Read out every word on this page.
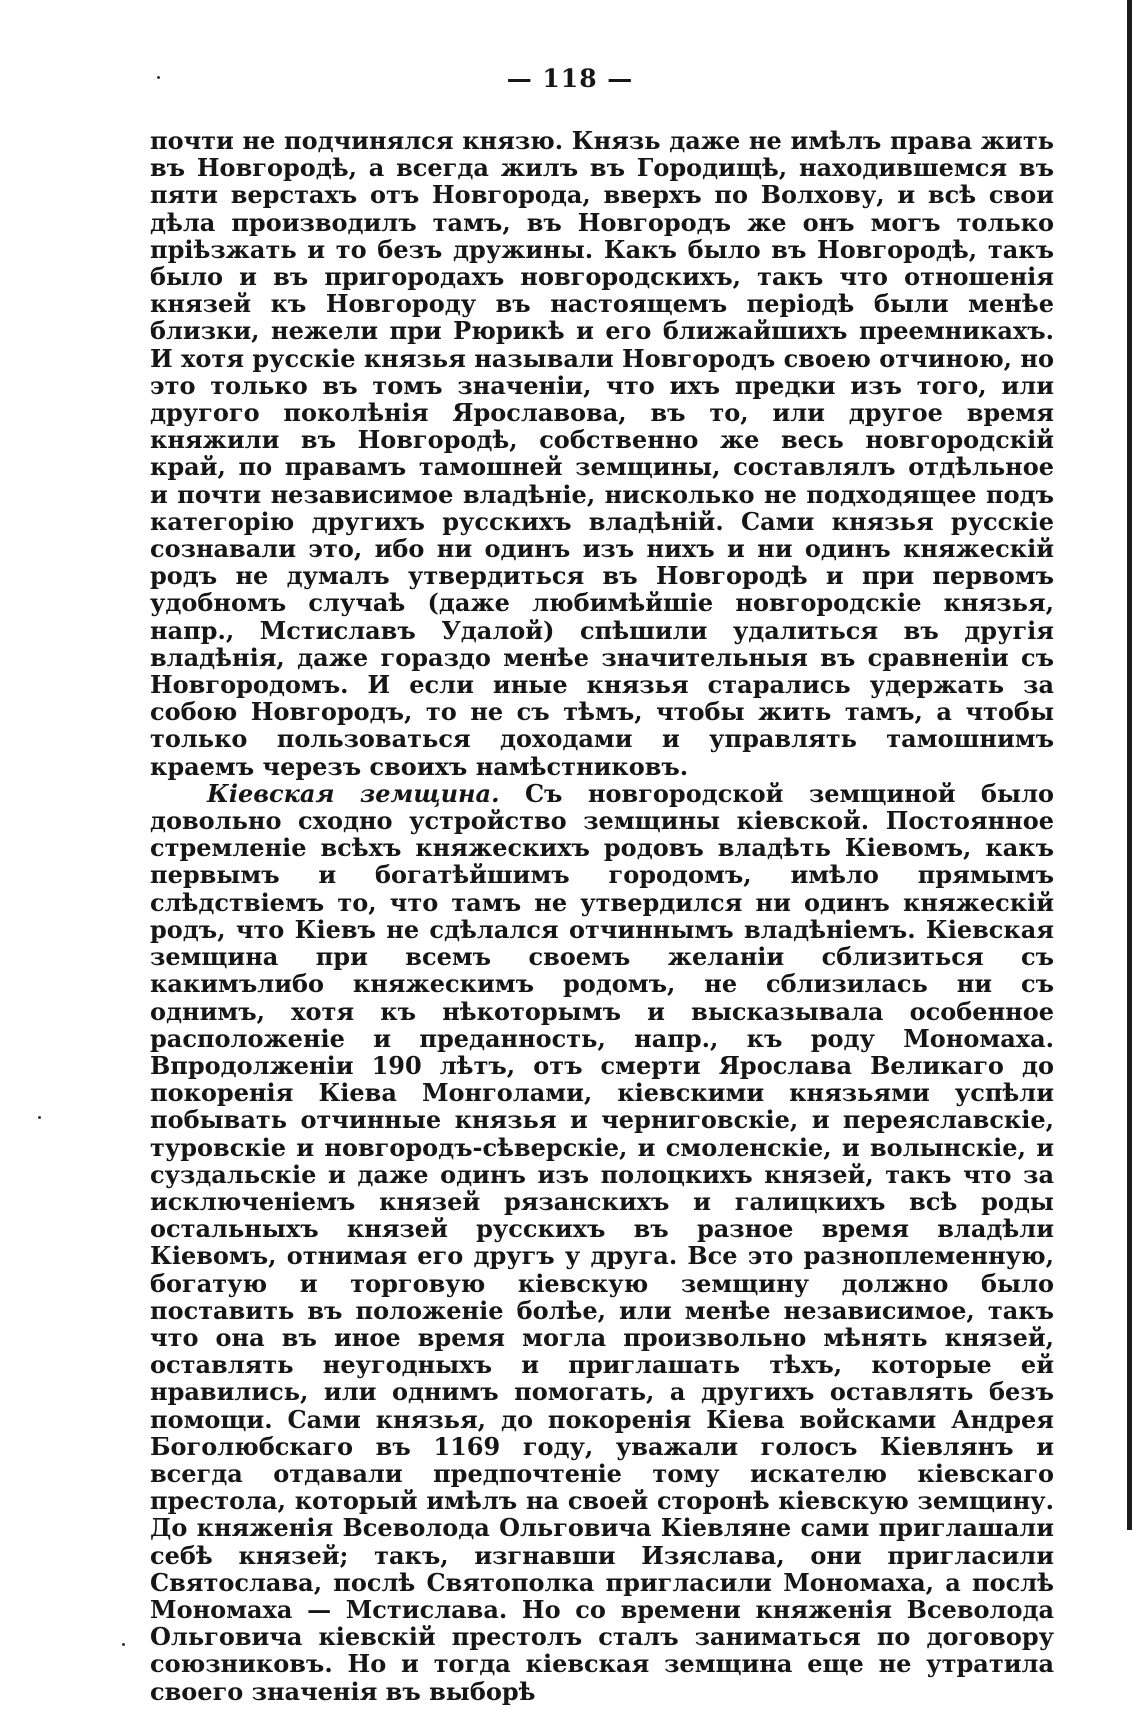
— 118 —

почти не подчинялся князю. Князь даже не имѣлъ права жить въ Новгородѣ, а всегда жилъ въ Городищѣ, находившемся въ пяти верстахъ отъ Новгорода, вверхъ по Волхову, и всѣ свои дѣла производилъ тамъ, въ Новгородъ же онъ могъ только пріѣзжать и то безъ дружины. Какъ было въ Новгородѣ, такъ было и въ пригородахъ новгородскихъ, такъ что отношенія князей къ Новгороду въ настоящемъ періодѣ были менѣе близки, нежели при Рюрикѣ и его ближайшихъ преемникахъ. И хотя русскіе князья называли Новгородъ своею отчиною, но это только въ томъ значеніи, что ихъ предки изъ того, или другого поколѣнія Ярославова, въ то, или другое время княжили въ Новгородѣ, собственно же весь новгородскій край, по правамъ тамошней земщины, составлялъ отдѣльное и почти независимое владѣніе, нисколько не подходящее подъ категорію другихъ русскихъ владѣній. Сами князья русскіе сознавали это, ибо ни одинъ изъ нихъ и ни одинъ княжескій родъ не думалъ утвердиться въ Новгородѣ и при первомъ удобномъ случаѣ (даже любимѣйшіе новгородскіе князья, напр., Мстиславъ Удалой) спѣшили удалиться въ другія владѣнія, даже гораздо менѣе значительныя въ сравненіи съ Новгородомъ. И если иные князья старались удержать за собою Новгородъ, то не съ тѣмъ, чтобы жить тамъ, а чтобы только пользоваться доходами и управлять тамошнимъ краемъ черезъ своихъ намѣстниковъ.

Кіевская земщина. Съ новгородской земщиной было довольно сходно устройство земщины кіевской. Постоянное стремленіе всѣхъ княжескихъ родовъ владѣть Кіевомъ, какъ первымъ и богатѣйшимъ городомъ, имѣло прямымъ слѣдствіемъ то, что тамъ не утвердился ни одинъ княжескій родъ, что Кіевъ не сдѣлался отчиннымъ владѣніемъ. Кіевская земщина при всемъ своемъ желаніи сблизиться съ какимълибо княжескимъ родомъ, не сблизилась ни съ однимъ, хотя къ нѣкоторымъ и высказывала особенное расположеніе и преданность, напр., къ роду Мономаха. Впродолженіи 190 лѣтъ, отъ смерти Ярослава Великаго до покоренія Кіева Монголами, кіевскими князьями успѣли побывать отчинные князья и черниговскіе, и переяславскіе, туровскіе и новгородъ-сѣверскіе, и смоленскіе, и волынскіе, и суздальскіе и даже одинъ изъ полоцкихъ князей, такъ что за исключеніемъ князей рязанскихъ и галицкихъ всѣ роды остальныхъ князей русскихъ въ разное время владѣли Кіевомъ, отнимая его другъ у друга. Все это разноплеменную, богатую и торговую кіевскую земщину должно было поставить въ положеніе болѣе, или менѣе независимое, такъ что она въ иное время могла произвольно мѣнять князей, оставлять неугодныхъ и приглашать тѣхъ, которые ей нравились, или однимъ помогать, а другихъ оставлять безъ помощи. Сами князья, до покоренія Кіева войсками Андрея Боголюбскаго въ 1169 году, уважали голосъ Кіевлянъ и всегда отдавали предпочтеніе тому искателю кіевскаго престола, который имѣлъ на своей сторонѣ кіевскую земщину. До княженія Всеволода Ольговича Кіевляне сами приглашали себѣ князей; такъ, изгнавши Изяслава, они пригласили Святослава, послѣ Святополка пригласили Мономаха, а послѣ Мономаха — Мстислава. Но со времени княженія Всеволода Ольговича кіевскій престолъ сталъ заниматься по договору союзниковъ. Но и тогда кіевская земщина еще не утратила своего значенія въ выборѣ
